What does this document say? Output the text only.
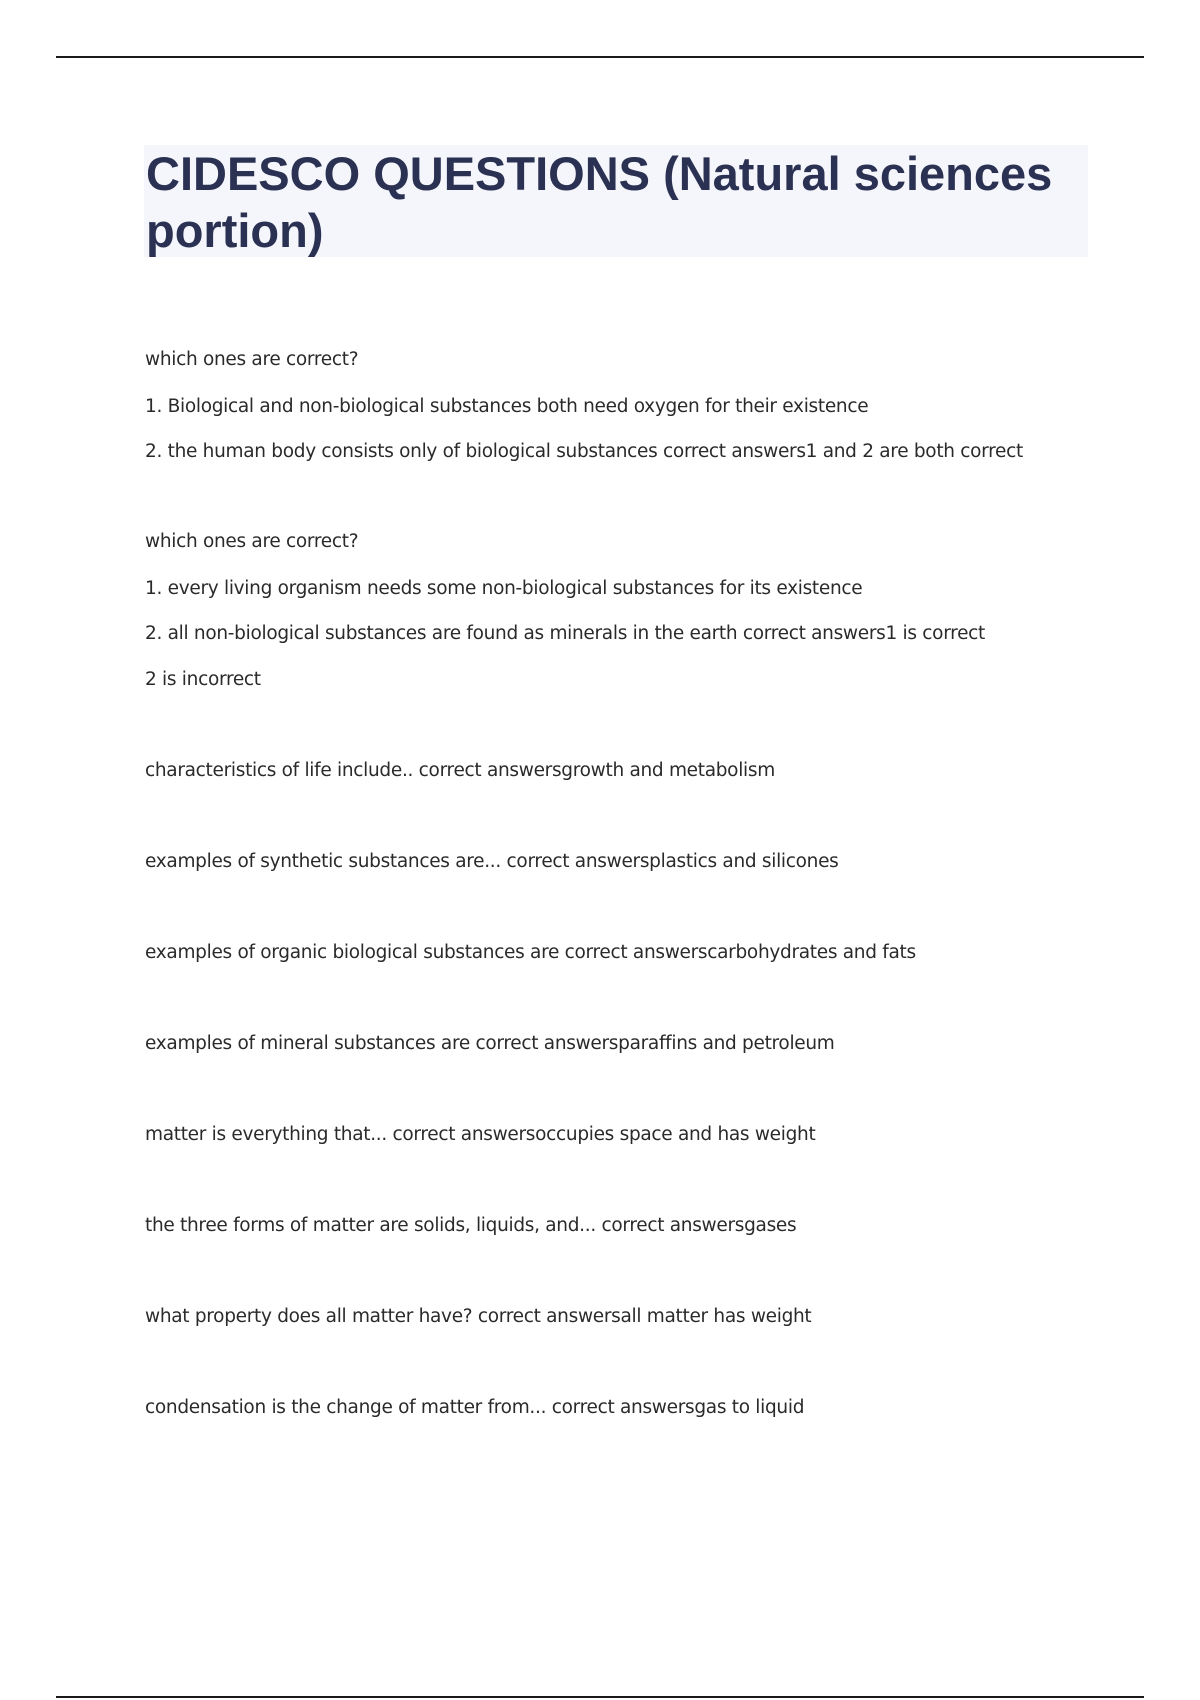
CIDESCO QUESTIONS (Natural sciences portion)
which ones are correct?
1. Biological and non-biological substances both need oxygen for their existence
2. the human body consists only of biological substances correct answers1 and 2 are both correct
which ones are correct?
1. every living organism needs some non-biological substances for its existence
2. all non-biological substances are found as minerals in the earth correct answers1 is correct
2 is incorrect
characteristics of life include.. correct answersgrowth and metabolism
examples of synthetic substances are... correct answersplastics and silicones
examples of organic biological substances are correct answerscarbohydrates and fats
examples of mineral substances are correct answersparaffins and petroleum
matter is everything that... correct answersoccupies space and has weight
the three forms of matter are solids, liquids, and... correct answersgases
what property does all matter have? correct answersall matter has weight
condensation is the change of matter from... correct answersgas to liquid
